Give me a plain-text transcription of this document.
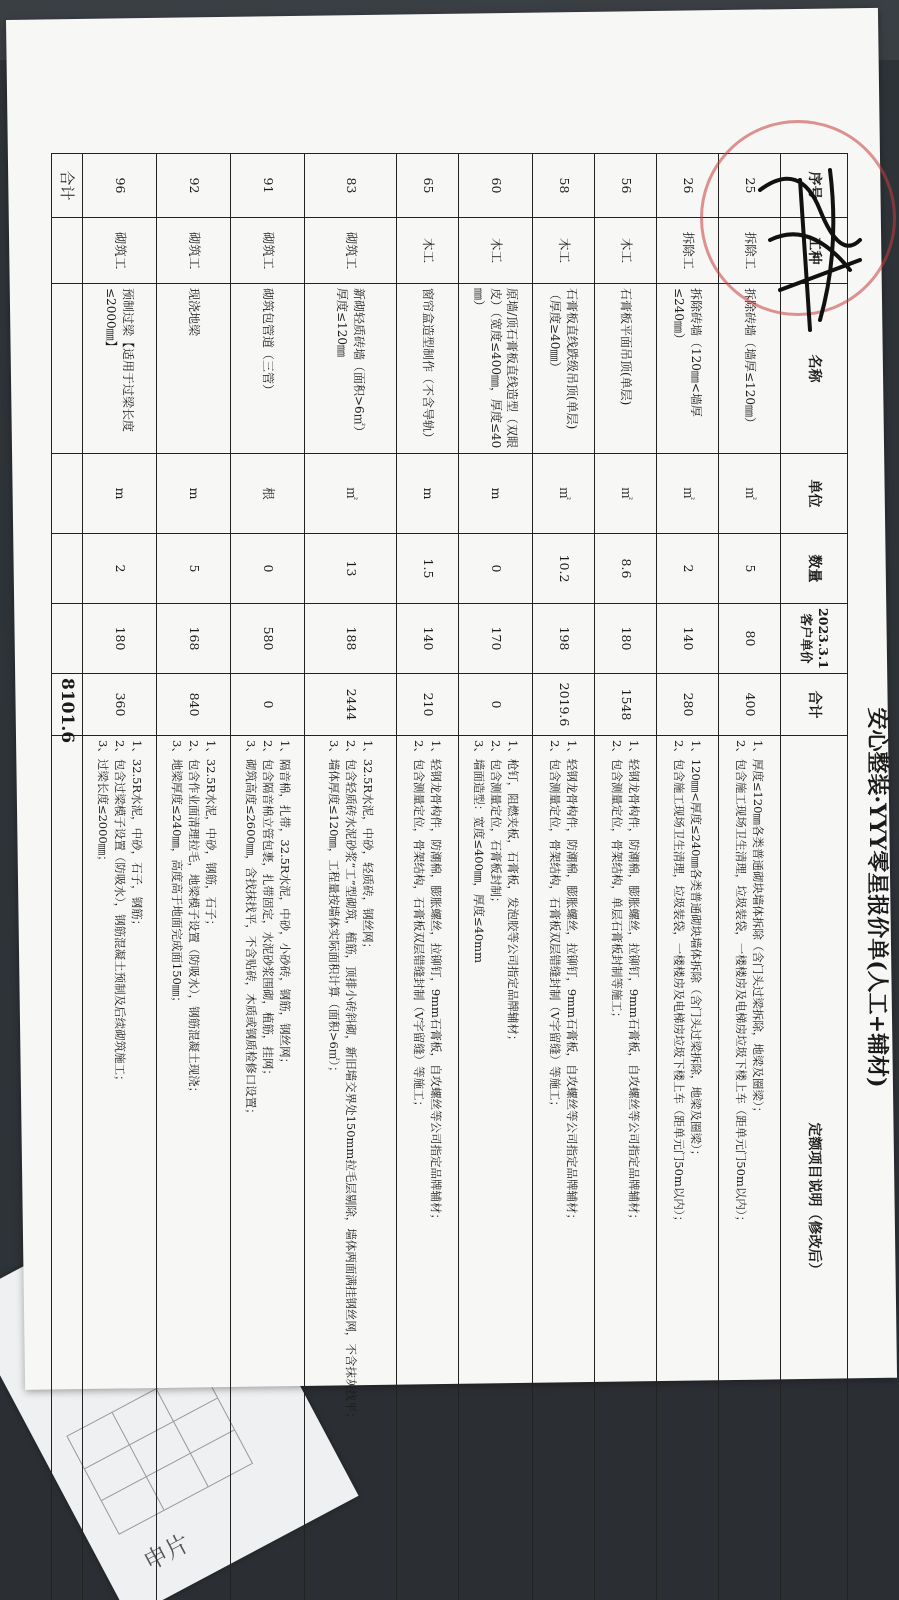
申片
安心整装·YYY零星报价单(人工+辅材)
序号	工种	名称	单位	数量	2023.3.1
客户单价	合计	定额项目说明（修改后）
25	拆除工	拆除砖墙（墙厚≤120㎜）	㎡	5	80	400	1、厚度≤120㎜各类普通砌块墙体拆除（含门头过梁拆除，地梁及圈梁）；
2、包含施工现场卫生清理，垃圾装袋，一楼楼房及电梯房垃圾下楼上车（距单元门50m以内）；

26	拆除工	拆除砖墙（120㎜<墙厚≤240㎜）	㎡	2	140	280	1、120㎜<厚度≤240㎜各类普通砌块墙体拆除（含门头过梁拆除，地梁及圈梁）；
2、包含施工现场卫生清理，垃圾装袋，一楼楼房及电梯房垃圾下楼上车（距单元门50m以内）；

56	木工	石膏板平面吊顶(单层)	㎡	8.6	180	1548	1、轻钢龙骨构件，防潮棉，膨胀螺丝，拉铆钉，9mm石膏板，自攻螺丝等公司指定品牌辅材；
2、包含测量定位，骨架结构，单层石膏板封制等施工；

58	木工	石膏板直线跌级吊顶(单层)（厚度≥40㎜）	㎡	10.2	198	2019.6	1、轻钢龙骨构件，防潮棉，膨胀螺丝，拉铆钉，9mm石膏板，自攻螺丝等公司指定品牌辅材；
2、包含测量定位，骨架结构，石膏板双层错缝封制（V字留缝）等施工；

60	木工	原墙/顶石膏板直线造型（双眼皮）（宽度≤400㎜，厚度≤40㎜）	m	0	170	0	1、枪钉，阻燃夹板，石膏板，发泡胶等公司指定品牌辅材；
2、包含测量定位，石膏板封制；
3、墙面造型：宽度≤400㎜，厚度≤40mm

65	木工	窗帘盒造型制作（不含导轨）	m	1.5	140	210	1、轻钢龙骨构件，防潮棉，膨胀螺丝，拉铆钉，9mm石膏板，自攻螺丝等公司指定品牌辅材；
2、包含测量定位，骨架结构，石膏板双层错缝封制（V字留缝）等施工；

83	砌筑工	新砌轻质砖墙（面积>6㎡）厚度≤120㎜	㎡	13	188	2444	1、32.5R水泥，中砂，轻质砖，钢丝网；
2、包含轻质砖水泥砂浆“工”型砌筑，植筋，顶排小砖斜砌，新旧墙交界处150mm拉毛层剔除，墙体两面满挂钢丝网，不含抹灰找平；
3、墙体厚度≤120㎜，工程量按墙体实际面积计算（面积>6㎡）；

91	砌筑工	砌筑包管道（三管）	根	0	580	0	1、隔音棉，扎带，32.5R水泥，中砂，小砂砖，钢筋，钢丝网；
2、包含隔音棉立管包裹，扎带固定，水泥砂浆围砌，植筋，挂网；
3、砌筑高度≤2600㎜，含找抹找平，不含贴砖，木质或钢质检修口设置；

92	砌筑工	现浇地梁	m	5	168	840	1、32.5R水泥，中砂，钢筋，石子；
2、包含作业面清理拉毛，地梁模子设置（防吸水），钢筋混凝土现浇；
3、地梁厚度≤240㎜，高度高于地面完成面150㎜；

96	砌筑工	预制过梁【适用于过梁长度≤2000㎜】	m	2	180	360	1、32.5R水泥，中砂，石子，钢筋；
2、包含过梁模子设置（防吸水），钢筋混凝土预制及后续砌筑施工；
3、过梁长度≤2000㎜；

合计						8101.6	
